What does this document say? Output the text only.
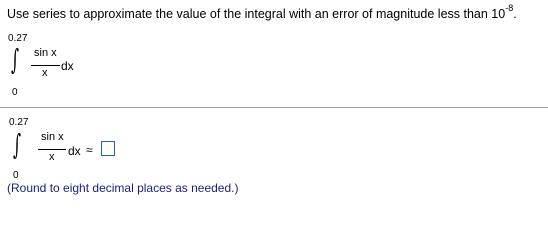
Use series to approximate the value of the integral with an error of magnitude less than $10^{-8}$.
0.27
∫ sin x
dx
x
0
0.27
∫ sin x
dx ≈
x
0
(Round to eight decimal places as needed.)
